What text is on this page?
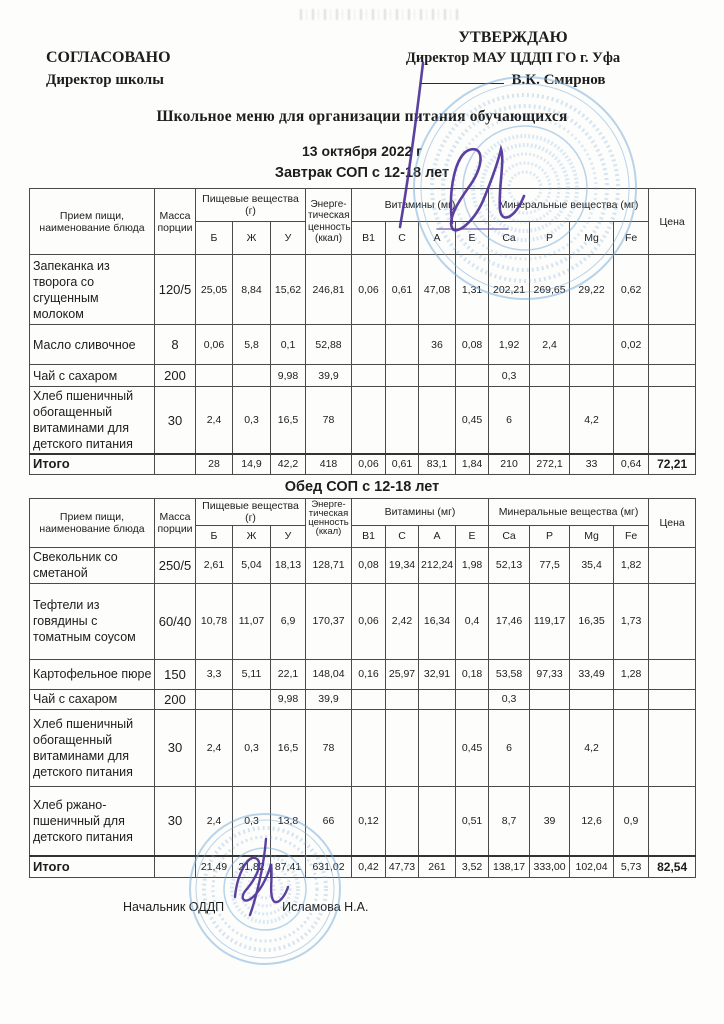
СОГЛАСОВАНО
Директор школы
УТВЕРЖДАЮ
Директор МАУ ЦДДП ГО г. Уфа
В.К. Смирнов
Школьное меню для организации питания обучающихся
13 октября 2022 г
Завтрак СОП с 12-18 лет
Прием пищи, наименование блюда	Масса порции	Пищевые вещества (г)			Энерге-тическая ценность (ккал)	Витамины (мг)				Минеральные вещества (мг)				Цена
		Б	Ж	У		B1	C	A	E	Ca	P	Mg	Fe	
Запеканка из творога со сгущенным молоком	120/5	25,05	8,84	15,62	246,81	0,06	0,61	47,08	1,31	202,21	269,65	29,22	0,62	
Масло сливочное	8	0,06	5,8	0,1	52,88			36	0,08	1,92	2,4		0,02	
Чай с сахаром	200			9,98	39,9					0,3				
Хлеб пшеничный обогащенный витаминами для детского питания	30	2,4	0,3	16,5	78				0,45	6		4,2		
Итого		28	14,9	42,2	418	0,06	0,61	83,1	1,84	210	272,1	33	0,64	72,21
Обед СОП с 12-18 лет
Прием пищи, наименование блюда	Масса порции	Пищевые вещества (г)			Энерге-тическая ценность (ккал)	Витамины (мг)				Минеральные вещества (мг)				Цена
		Б	Ж	У		B1	C	A	E	Ca	P	Mg	Fe	
Свекольник со сметаной	250/5	2,61	5,04	18,13	128,71	0,08	19,34	212,24	1,98	52,13	77,5	35,4	1,82	
Тефтели из говядины с томатным соусом	60/40	10,78	11,07	6,9	170,37	0,06	2,42	16,34	0,4	17,46	119,17	16,35	1,73	
Картофельное пюре	150	3,3	5,11	22,1	148,04	0,16	25,97	32,91	0,18	53,58	97,33	33,49	1,28	
Чай с сахаром	200			9,98	39,9					0,3				
Хлеб пшеничный обогащенный витаминами для детского питания	30	2,4	0,3	16,5	78				0,45	6		4,2		
Хлеб ржано-пшеничный для детского питания	30	2,4	0,3	13,8	66	0,12			0,51	8,7	39	12,6	0,9	
Итого		21,49	21,82	87,41	631,02	0,42	47,73	261	3,52	138,17	333,00	102,04	5,73	82,54
Начальник ОДДП	Исламова Н.А.
